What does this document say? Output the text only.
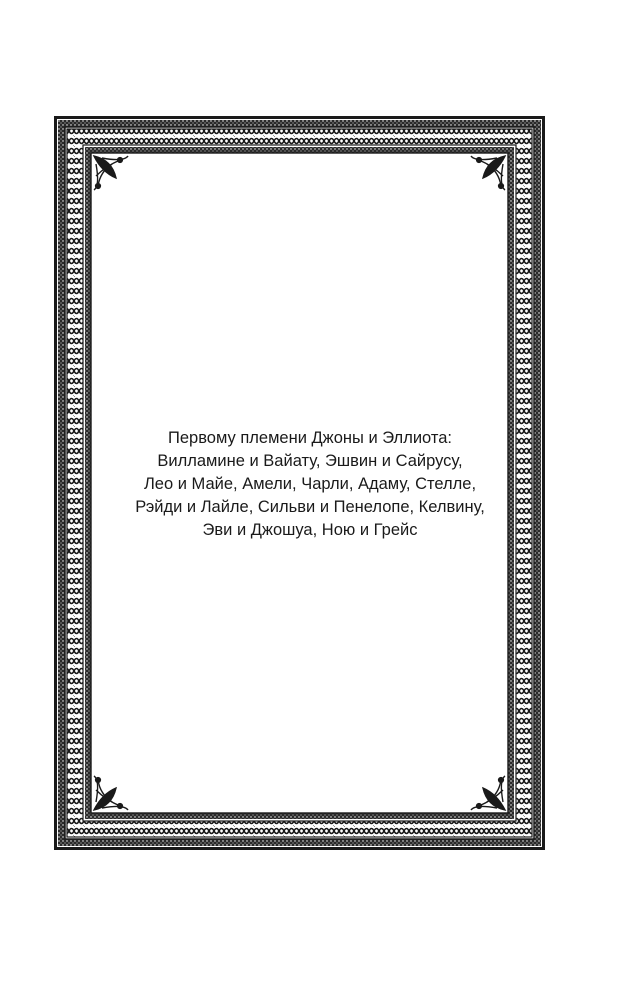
Первому племени Джоны и Эллиота:
Вилламине и Вайату, Эшвин и Сайрусу,
Лео и Майе, Амели, Чарли, Адаму, Стелле,
Рэйди и Лайле, Сильви и Пенелопе, Келвину,
Эви и Джошуа, Ною и Грейс
